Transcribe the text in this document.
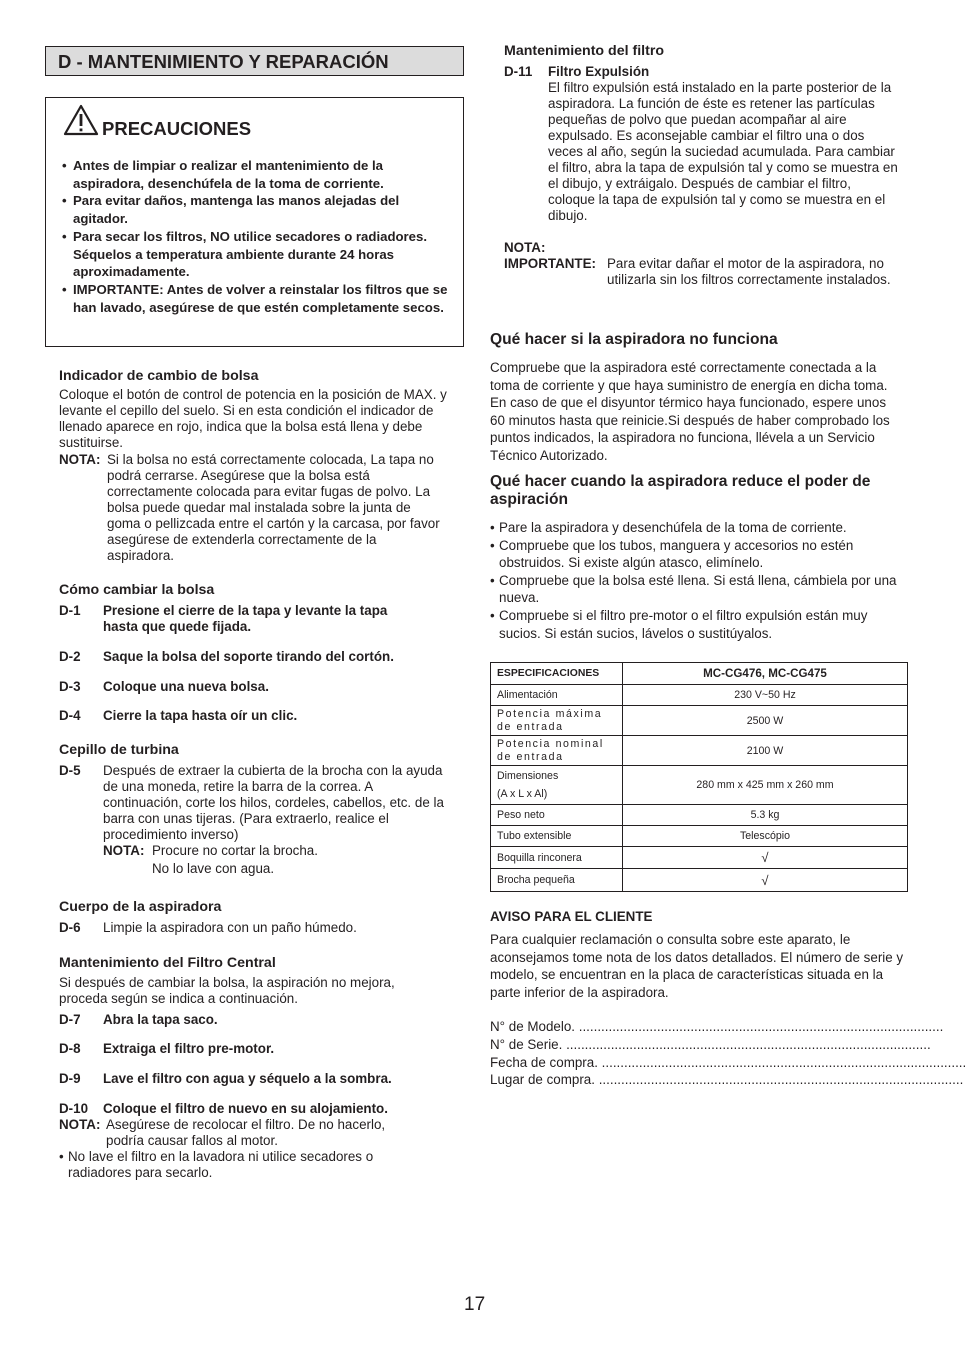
D - MANTENIMIENTO Y REPARACIÓN
PRECAUCIONES
• Antes de limpiar o realizar el mantenimiento de la aspiradora, desenchúfela de la toma de corriente.
• Para evitar daños, mantenga las manos alejadas del agitador.
• Para secar los filtros, NO utilice secadores o radiadores. Séquelos a temperatura ambiente durante 24 horas aproximadamente.
• IMPORTANTE: Antes de volver a reinstalar los filtros que se han lavado, asegúrese de que estén completamente secos.
Indicador de cambio de bolsa

Coloque el botón de control de potencia en la posición de MAX. y levante el cepillo del suelo. Si en esta condición el indicador de llenado aparece en rojo, indica que la bolsa está llena y debe sustituirse.

NOTA: Si la bolsa no está correctamente colocada, La tapa no podrá cerrarse. Asegúrese que la bolsa está correctamente colocada para evitar fugas de polvo. La bolsa puede quedar mal instalada sobre la junta de goma o pellizcada entre el cartón y la carcasa, por favor asegúrese de extenderla correctamente de la aspiradora.
Cómo cambiar la bolsa
D-1 Presione el cierre de la tapa y levante la tapa hasta que quede fijada.
D-2 Saque la bolsa del soporte tirando del cortón.
D-3 Coloque una nueva bolsa.
D-4 Cierre la tapa hasta oír un clic.
Cepillo de turbina
D-5 Después de extraer la cubierta de la brocha con la ayuda de una moneda, retire la barra de la correa. A continuación, corte los hilos, cordeles, cabellos, etc. de la barra con unas tijeras. (Para extraerlo, realice el procedimiento inverso)
NOTA: Procure no cortar la brocha.
No lo lave con agua.
Cuerpo de la aspiradora
D-6 Limpie la aspiradora con un paño húmedo.
Mantenimiento del Filtro Central

Si después de cambiar la bolsa, la aspiración no mejora, proceda según se indica a continuación.

D-7 Abra la tapa saco.
D-8 Extraiga el filtro pre-motor.
D-9 Lave el filtro con agua y séquelo a la sombra.
D-10 Coloque el filtro de nuevo en su alojamiento.
NOTA: Asegúrese de recolocar el filtro. De no hacerlo, podría causar fallos al motor.
• No lave el filtro en la lavadora ni utilice secadores o radiadores para secarlo.
Mantenimiento del filtro
D-11 Filtro Expulsión

El filtro expulsión está instalado en la parte posterior de la aspiradora. La función de éste es retener las partículas pequeñas de polvo que puedan acompañar al aire expulsado. Es aconsejable cambiar el filtro una o dos veces al año, según la suciedad acumulada. Para cambiar el filtro, abra la tapa de expulsión tal y como se muestra en el dibujo, y extráigalo. Después de cambiar el filtro, coloque la tapa de expulsión tal y como se muestra en el dibujo.

NOTA:
IMPORTANTE: Para evitar dañar el motor de la aspiradora, no utilizarla sin los filtros correctamente instalados.
Qué hacer si la aspiradora no funciona

Compruebe que la aspiradora esté correctamente conectada a la toma de corriente y que haya suministro de energía en dicha toma. En caso de que el disyuntor térmico haya funcionado, espere unos 60 minutos hasta que reinicie.Si después de haber comprobado los puntos indicados, la aspiradora no funciona, llévela a un Servicio Técnico Autorizado.

Qué hacer cuando la aspiradora reduce el poder de aspiración
• Pare la aspiradora y desenchúfela de la toma de corriente.
• Compruebe que los tubos, manguera y accesorios no estén obstruidos. Si existe algún atasco, elimínelo.
• Compruebe que la bolsa esté llena. Si está llena, cámbiela por una nueva.
• Compruebe si el filtro pre-motor o el filtro expulsión están muy sucios. Si están sucios, lávelos o sustitúyalos.
ESPECIFICACIONES	MC-CG476, MC-CG475
Alimentación	230 V~50 Hz
Potencia máxima de entrada	2500 W
Potencia nominal de entrada	2100 W

Dimensiones
(A x L x Al)	280 mm x 425 mm x 260 mm
Peso neto	5.3 kg
Tubo extensible	Telescópio
Boquilla rinconera	√
Brocha pequeña	√
AVISO PARA EL CLIENTE

Para cualquier reclamación o consulta sobre este aparato, le aconsejamos tome nota de los datos detallados. El número de serie y modelo, se encuentran en la placa de características situada en la parte inferior de la aspiradora.

N° de Modelo. ..................................................................................................
N° de Serie. ..................................................................................................
Fecha de compra. ..................................................................................................
Lugar de compra. ..................................................................................................
17
